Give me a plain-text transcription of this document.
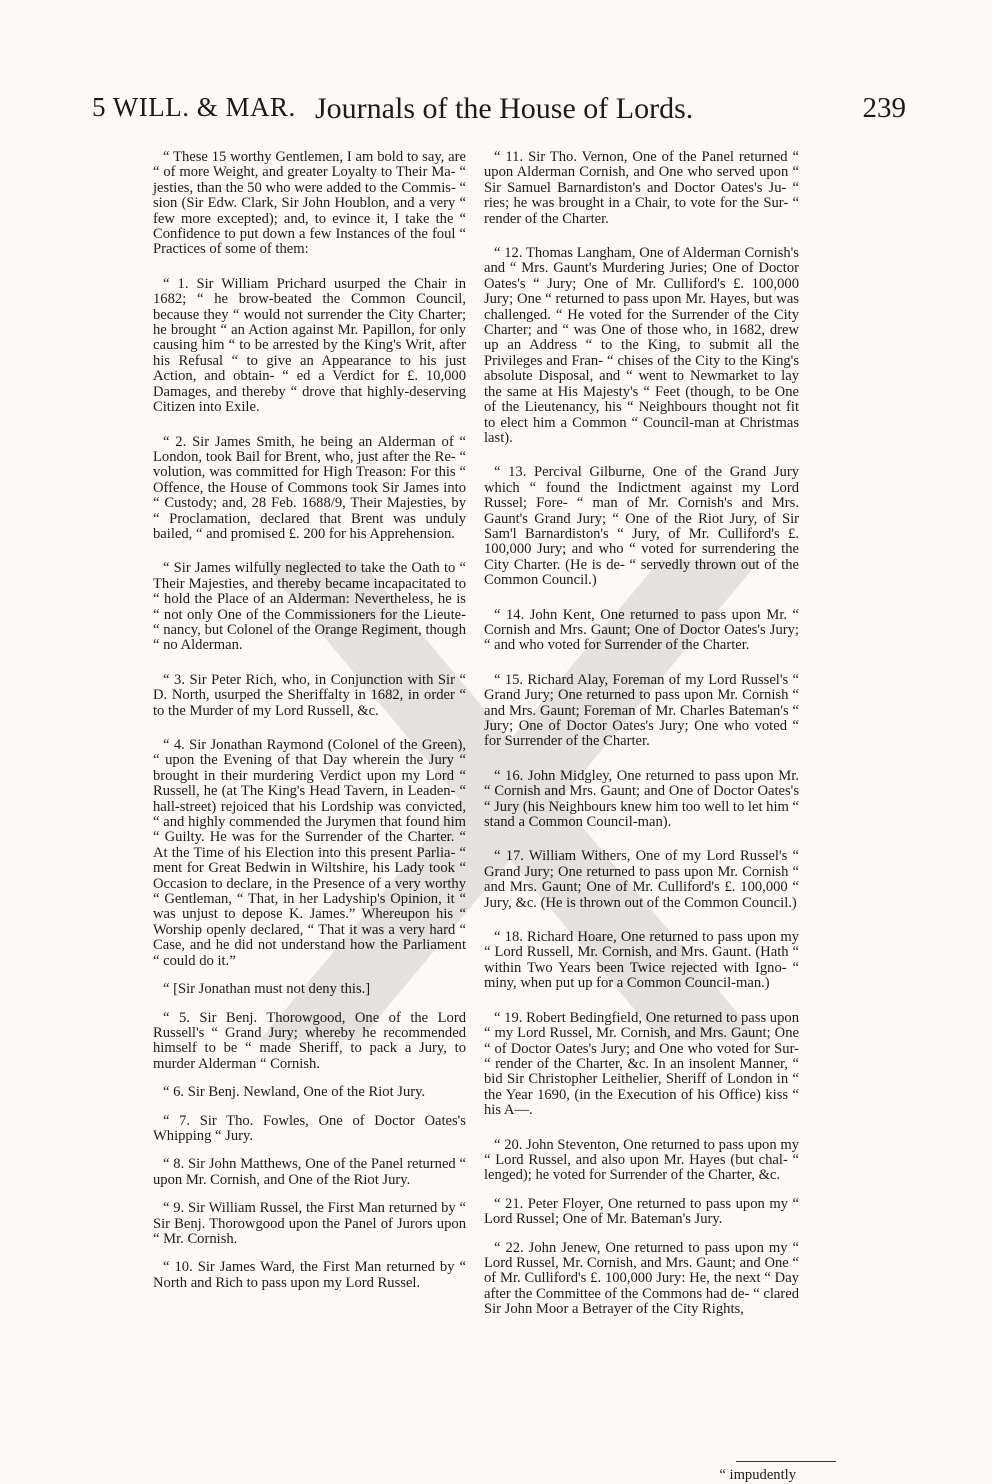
5 WILL. & MAR. Journals of the House of Lords.	239

“ These 15 worthy Gentlemen, I am bold to say, are “ of more Weight, and greater Loyalty to Their Ma- “ jesties, than the 50 who were added to the Commis- “ sion (Sir Edw. Clark, Sir John Houblon, and a very “ few more excepted); and, to evince it, I take the “ Confidence to put down a few Instances of the foul “ Practices of some of them:

“ 1. Sir William Prichard usurped the Chair in 1682; “ he brow-beated the Common Council, because they “ would not surrender the City Charter; he brought “ an Action against Mr. Papillon, for only causing him “ to be arrested by the King's Writ, after his Refusal “ to give an Appearance to his just Action, and obtain- “ ed a Verdict for £. 10,000 Damages, and thereby “ drove that highly-deserving Citizen into Exile.

“ 2. Sir James Smith, he being an Alderman of “ London, took Bail for Brent, who, just after the Re- “ volution, was committed for High Treason: For this “ Offence, the House of Commons took Sir James into “ Custody; and, 28 Feb. 1688/9, Their Majesties, by “ Proclamation, declared that Brent was unduly bailed, “ and promised £. 200 for his Apprehension.

“ Sir James wilfully neglected to take the Oath to “ Their Majesties, and thereby became incapacitated to “ hold the Place of an Alderman: Nevertheless, he is “ not only One of the Commissioners for the Lieute- “ nancy, but Colonel of the Orange Regiment, though “ no Alderman.

“ 3. Sir Peter Rich, who, in Conjunction with Sir “ D. North, usurped the Sheriffalty in 1682, in order “ to the Murder of my Lord Russell, &c.

“ 4. Sir Jonathan Raymond (Colonel of the Green), “ upon the Evening of that Day wherein the Jury “ brought in their murdering Verdict upon my Lord “ Russell, he (at The King's Head Tavern, in Leaden- “ hall-street) rejoiced that his Lordship was convicted, “ and highly commended the Jurymen that found him “ Guilty. He was for the Surrender of the Charter. “ At the Time of his Election into this present Parlia- “ ment for Great Bedwin in Wiltshire, his Lady took “ Occasion to declare, in the Presence of a very worthy “ Gentleman, “ That, in her Ladyship's Opinion, it “ was unjust to depose K. James.” Whereupon his “ Worship openly declared, “ That it was a very hard “ Case, and he did not understand how the Parliament “ could do it.”

“ [Sir Jonathan must not deny this.]

“ 5. Sir Benj. Thorowgood, One of the Lord Russell's “ Grand Jury; whereby he recommended himself to be “ made Sheriff, to pack a Jury, to murder Alderman “ Cornish.

“ 6. Sir Benj. Newland, One of the Riot Jury.

“ 7. Sir Tho. Fowles, One of Doctor Oates's Whipping “ Jury.

“ 8. Sir John Matthews, One of the Panel returned “ upon Mr. Cornish, and One of the Riot Jury.

“ 9. Sir William Russel, the First Man returned by “ Sir Benj. Thorowgood upon the Panel of Jurors upon “ Mr. Cornish.

“ 10. Sir James Ward, the First Man returned by “ North and Rich to pass upon my Lord Russel.

“ 11. Sir Tho. Vernon, One of the Panel returned “ upon Alderman Cornish, and One who served upon “ Sir Samuel Barnardiston's and Doctor Oates's Ju- “ ries; he was brought in a Chair, to vote for the Sur- “ render of the Charter.

“ 12. Thomas Langham, One of Alderman Cornish's and “ Mrs. Gaunt's Murdering Juries; One of Doctor Oates's “ Jury; One of Mr. Culliford's £. 100,000 Jury; One “ returned to pass upon Mr. Hayes, but was challenged. “ He voted for the Surrender of the City Charter; and “ was One of those who, in 1682, drew up an Address “ to the King, to submit all the Privileges and Fran- “ chises of the City to the King's absolute Disposal, and “ went to Newmarket to lay the same at His Majesty's “ Feet (though, to be One of the Lieutenancy, his “ Neighbours thought not fit to elect him a Common “ Council-man at Christmas last).

“ 13. Percival Gilburne, One of the Grand Jury which “ found the Indictment against my Lord Russel; Fore- “ man of Mr. Cornish's and Mrs. Gaunt's Grand Jury; “ One of the Riot Jury, of Sir Sam'l Barnardiston's “ Jury, of Mr. Culliford's £. 100,000 Jury; and who “ voted for surrendering the City Charter. (He is de- “ servedly thrown out of the Common Council.)

“ 14. John Kent, One returned to pass upon Mr. “ Cornish and Mrs. Gaunt; One of Doctor Oates's Jury; “ and who voted for Surrender of the Charter.

“ 15. Richard Alay, Foreman of my Lord Russel's “ Grand Jury; One returned to pass upon Mr. Cornish “ and Mrs. Gaunt; Foreman of Mr. Charles Bateman's “ Jury; One of Doctor Oates's Jury; One who voted “ for Surrender of the Charter.

“ 16. John Midgley, One returned to pass upon Mr. “ Cornish and Mrs. Gaunt; and One of Doctor Oates's “ Jury (his Neighbours knew him too well to let him “ stand a Common Council-man).

“ 17. William Withers, One of my Lord Russel's “ Grand Jury; One returned to pass upon Mr. Cornish “ and Mrs. Gaunt; One of Mr. Culliford's £. 100,000 “ Jury, &c. (He is thrown out of the Common Council.)

“ 18. Richard Hoare, One returned to pass upon my “ Lord Russell, Mr. Cornish, and Mrs. Gaunt. (Hath “ within Two Years been Twice rejected with Igno- “ miny, when put up for a Common Council-man.)

“ 19. Robert Bedingfield, One returned to pass upon “ my Lord Russel, Mr. Cornish, and Mrs. Gaunt; One “ of Doctor Oates's Jury; and One who voted for Sur- “ render of the Charter, &c. In an insolent Manner, “ bid Sir Christopher Leithelier, Sheriff of London in “ the Year 1690, (in the Execution of his Office) kiss “ his A—.

“ 20. John Steventon, One returned to pass upon my “ Lord Russel, and also upon Mr. Hayes (but chal- “ lenged); he voted for Surrender of the Charter, &c.

“ 21. Peter Floyer, One returned to pass upon my “ Lord Russel; One of Mr. Bateman's Jury.

“ 22. John Jenew, One returned to pass upon my “ Lord Russel, Mr. Cornish, and Mrs. Gaunt; and One “ of Mr. Culliford's £. 100,000 Jury: He, the next “ Day after the Committee of the Commons had de- “ clared Sir John Moor a Betrayer of the City Rights,

“ impudently
